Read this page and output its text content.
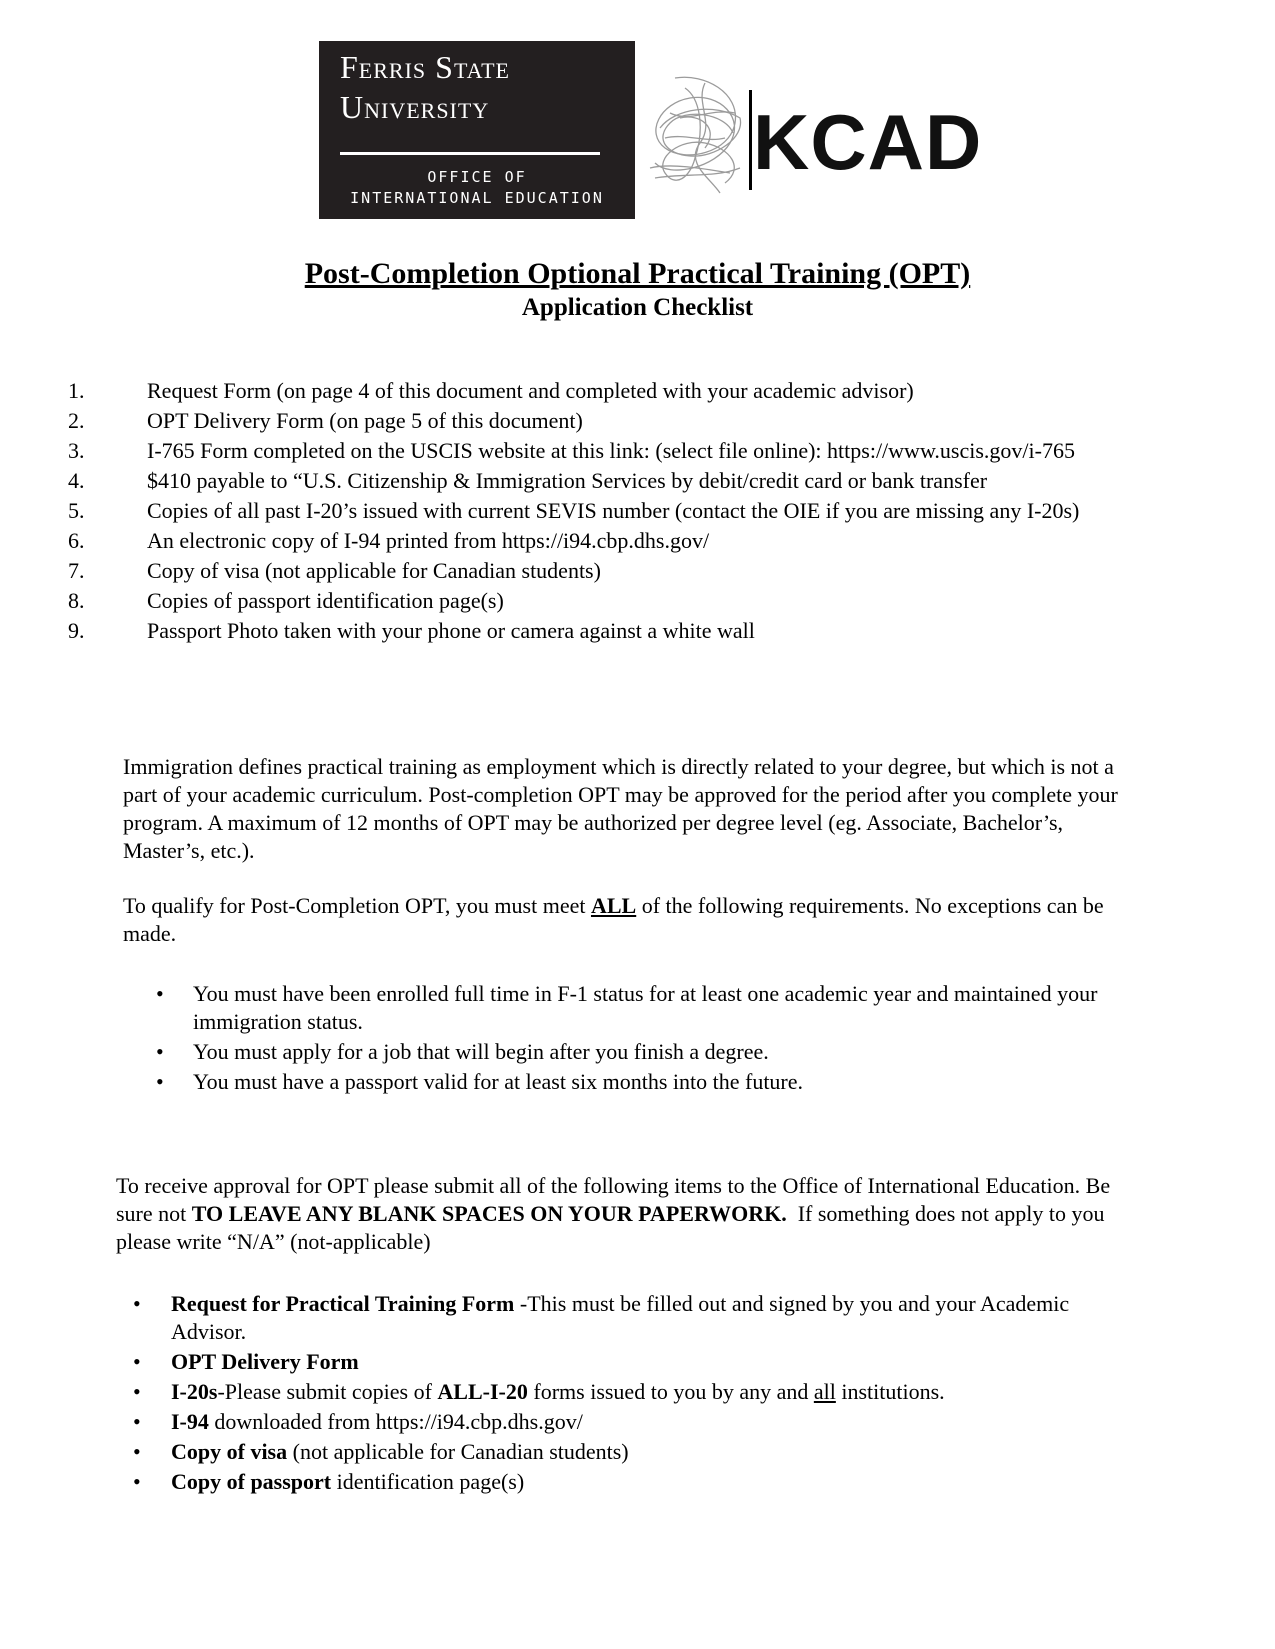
Ferris State
University
OFFICE OF
INTERNATIONAL EDUCATION
KCAD
Post-Completion Optional Practical Training (OPT)
Application Checklist
1.	Request Form (on page 4 of this document and completed with your academic advisor)
2.	OPT Delivery Form (on page 5 of this document)
3.	I-765 Form completed on the USCIS website at this link: (select file online): https://www.uscis.gov/i-765
4.	$410 payable to “U.S. Citizenship & Immigration Services by debit/credit card or bank transfer
5.	Copies of all past I-20’s issued with current SEVIS number (contact the OIE if you are missing any I-20s)
6.	An electronic copy of I-94 printed from https://i94.cbp.dhs.gov/
7.	Copy of visa (not applicable for Canadian students)
8.	Copies of passport identification page(s)
9.	Passport Photo taken with your phone or camera against a white wall

Immigration defines practical training as employment which is directly related to your degree, but which is not a part of your academic curriculum. Post-completion OPT may be approved for the period after you complete your program. A maximum of 12 months of OPT may be authorized per degree level (eg. Associate, Bachelor’s, Master’s, etc.).

To qualify for Post-Completion OPT, you must meet ALL of the following requirements. No exceptions can be made.

• You must have been enrolled full time in F-1 status for at least one academic year and maintained your immigration status.
• You must apply for a job that will begin after you finish a degree.
• You must have a passport valid for at least six months into the future.

To receive approval for OPT please submit all of the following items to the Office of International Education. Be sure not TO LEAVE ANY BLANK SPACES ON YOUR PAPERWORK.  If something does not apply to you please write “N/A” (not-applicable)

• Request for Practical Training Form -This must be filled out and signed by you and your Academic Advisor.
• OPT Delivery Form
• I-20s-Please submit copies of ALL-I-20 forms issued to you by any and all institutions.
• I-94 downloaded from https://i94.cbp.dhs.gov/
• Copy of visa (not applicable for Canadian students)
• Copy of passport identification page(s)
